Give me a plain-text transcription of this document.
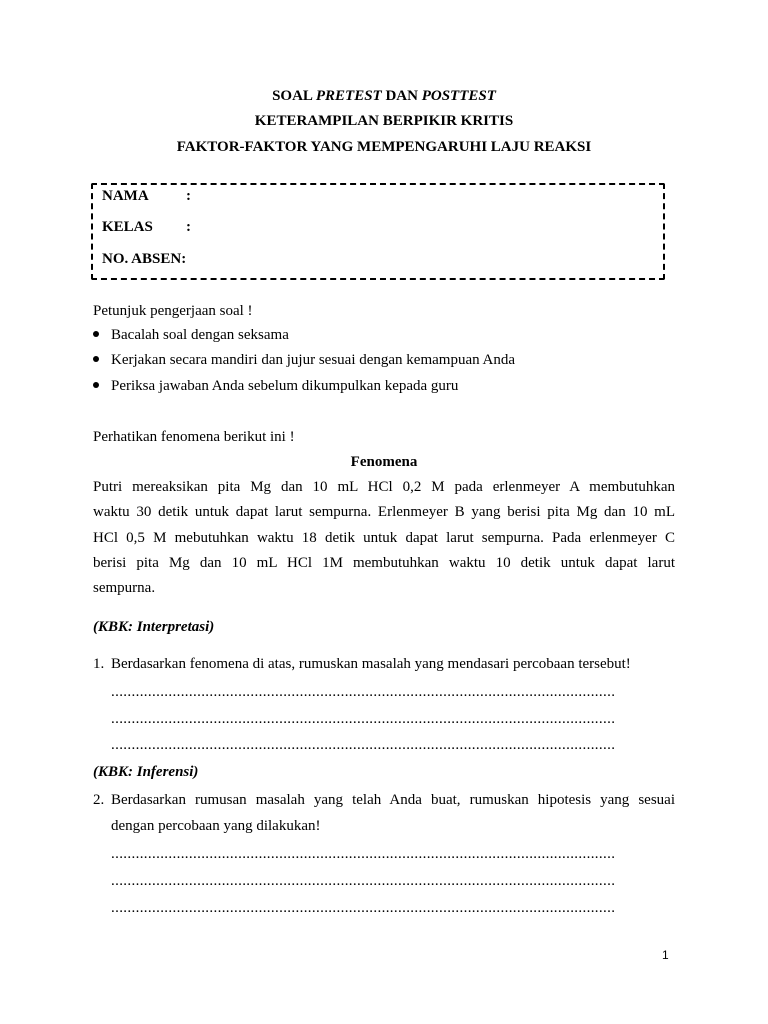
SOAL PRETEST DAN POSTTEST
KETERAMPILAN BERPIKIR KRITIS
FAKTOR-FAKTOR YANG MEMPENGARUHI LAJU REAKSI
NAMA :
KELAS :
NO. ABSEN:
Petunjuk pengerjaan soal !
Bacalah soal dengan seksama
Kerjakan secara mandiri dan jujur sesuai dengan kemampuan Anda
Periksa jawaban Anda sebelum dikumpulkan kepada guru
Perhatikan fenomena berikut ini !
Fenomena
Putri mereaksikan pita Mg dan 10 mL HCl 0,2 M pada erlenmeyer A membutuhkan
waktu 30 detik untuk dapat larut sempurna. Erlenmeyer B yang berisi pita Mg dan 10 mL
HCl 0,5 M mebutuhkan waktu 18 detik untuk dapat larut sempurna. Pada erlenmeyer C
berisi pita Mg dan 10 mL HCl 1M membutuhkan waktu 10 detik untuk dapat larut
sempurna.
(KBK: Interpretasi)
1. Berdasarkan fenomena di atas, rumuskan masalah yang mendasari percobaan tersebut!
...........................................................................................................................
...........................................................................................................................
...........................................................................................................................
(KBK: Inferensi)
2. Berdasarkan rumusan masalah yang telah Anda buat, rumuskan hipotesis yang sesuai
dengan percobaan yang dilakukan!
...........................................................................................................................
...........................................................................................................................
...........................................................................................................................
1
